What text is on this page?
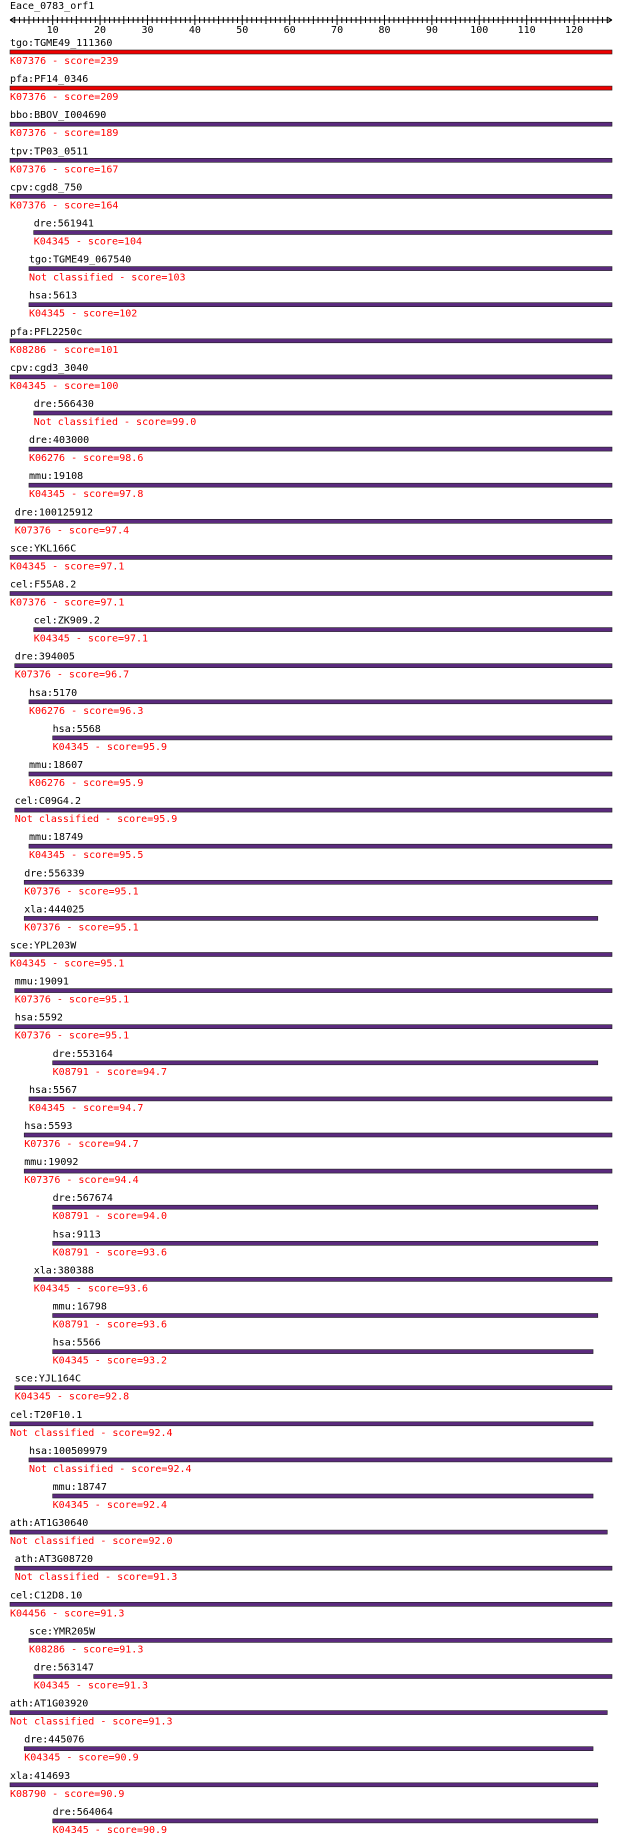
Eace_0783_orf1
10	20	30	40	50	60	70	80	90	100	110	120
tgo:TGME49_111360
K07376 - score=239
pfa:PF14_0346
K07376 - score=209
bbo:BBOV_I004690
K07376 - score=189
tpv:TP03_0511
K07376 - score=167
cpv:cgd8_750
K07376 - score=164
dre:561941
K04345 - score=104
tgo:TGME49_067540
Not classified - score=103
hsa:5613
K04345 - score=102
pfa:PFL2250c
K08286 - score=101
cpv:cgd3_3040
K04345 - score=100
dre:566430
Not classified - score=99.0
dre:403000
K06276 - score=98.6
mmu:19108
K04345 - score=97.8
dre:100125912
K07376 - score=97.4
sce:YKL166C
K04345 - score=97.1
cel:F55A8.2
K07376 - score=97.1
cel:ZK909.2
K04345 - score=97.1
dre:394005
K07376 - score=96.7
hsa:5170
K06276 - score=96.3
hsa:5568
K04345 - score=95.9
mmu:18607
K06276 - score=95.9
cel:C09G4.2
Not classified - score=95.9
mmu:18749
K04345 - score=95.5
dre:556339
K07376 - score=95.1
xla:444025
K07376 - score=95.1
sce:YPL203W
K04345 - score=95.1
mmu:19091
K07376 - score=95.1
hsa:5592
K07376 - score=95.1
dre:553164
K08791 - score=94.7
hsa:5567
K04345 - score=94.7
hsa:5593
K07376 - score=94.7
mmu:19092
K07376 - score=94.4
dre:567674
K08791 - score=94.0
hsa:9113
K08791 - score=93.6
xla:380388
K04345 - score=93.6
mmu:16798
K08791 - score=93.6
hsa:5566
K04345 - score=93.2
sce:YJL164C
K04345 - score=92.8
cel:T20F10.1
Not classified - score=92.4
hsa:100509979
Not classified - score=92.4
mmu:18747
K04345 - score=92.4
ath:AT1G30640
Not classified - score=92.0
ath:AT3G08720
Not classified - score=91.3
cel:C12D8.10
K04456 - score=91.3
sce:YMR205W
K08286 - score=91.3
dre:563147
K04345 - score=91.3
ath:AT1G03920
Not classified - score=91.3
dre:445076
K04345 - score=90.9
xla:414693
K08790 - score=90.9
dre:564064
K04345 - score=90.9
